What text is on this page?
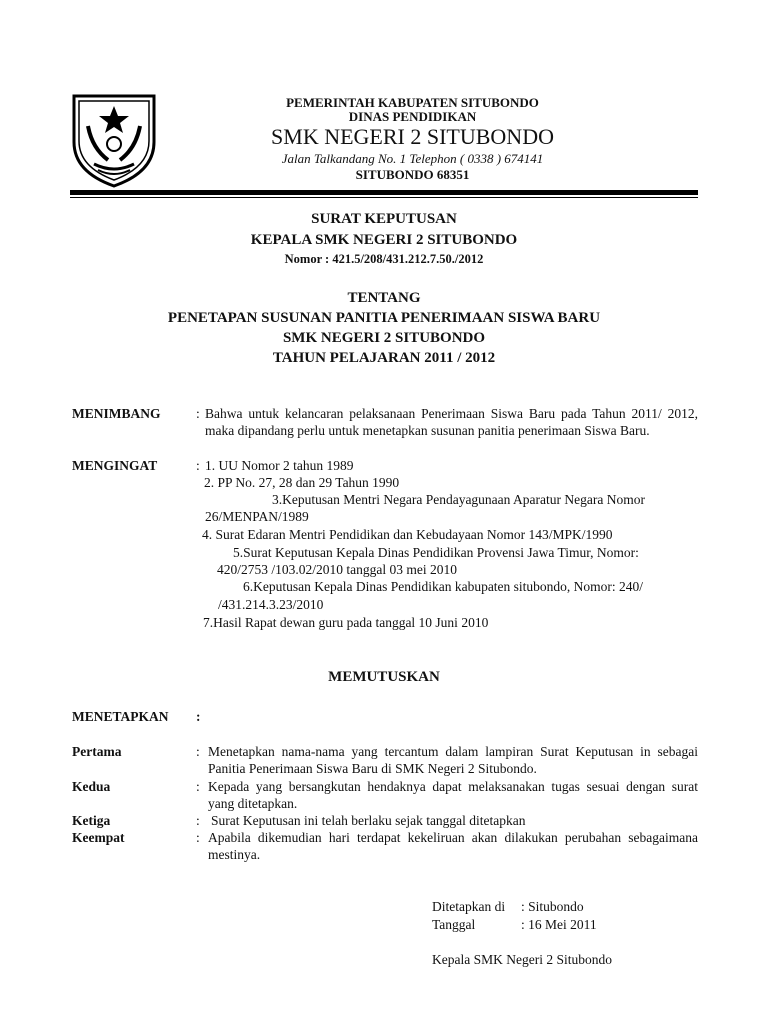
PEMERINTAH KABUPATEN SITUBONDO
DINAS PENDIDIKAN
SMK NEGERI 2 SITUBONDO
Jalan Talkandang No. 1 Telephon ( 0338 ) 674141
SITUBONDO 68351
SURAT KEPUTUSAN
KEPALA SMK NEGERI 2 SITUBONDO
Nomor : 421.5/208/431.212.7.50./2012
TENTANG
PENETAPAN SUSUNAN PANITIA PENERIMAAN SISWA BARU
SMK NEGERI 2 SITUBONDO
TAHUN PELAJARAN 2011 / 2012
MENIMBANG	: Bahwa untuk kelancaran pelaksanaan Penerimaan Siswa Baru pada Tahun 2011/ 2012, maka dipandang perlu untuk menetapkan susunan panitia penerimaan Siswa Baru.
MENGINGAT	: 1. UU Nomor 2 tahun 1989
2. PP No. 27, 28 dan 29 Tahun 1990
3.Keputusan Mentri Negara Pendayagunaan Aparatur Negara Nomor
26/MENPAN/1989
4. Surat Edaran Mentri Pendidikan dan Kebudayaan Nomor 143/MPK/1990
5.Surat Keputusan Kepala Dinas Pendidikan Provensi Jawa Timur, Nomor:
420/2753 /103.02/2010 tanggal 03 mei 2010
6.Keputusan Kepala Dinas Pendidikan kabupaten situbondo, Nomor: 240/
/431.214.3.23/2010
7.Hasil Rapat dewan guru pada tanggal 10 Juni 2010
MEMUTUSKAN
MENETAPKAN :
Pertama	: Menetapkan nama-nama yang tercantum dalam lampiran Surat Keputusan in sebagai Panitia Penerimaan Siswa Baru di SMK Negeri 2 Situbondo.
Kedua	: Kepada yang bersangkutan hendaknya dapat melaksanakan tugas sesuai dengan surat yang ditetapkan.
Ketiga	: Surat Keputusan ini telah berlaku sejak tanggal ditetapkan
Keempat	: Apabila dikemudian hari terdapat kekeliruan akan dilakukan perubahan sebagaimana mestinya.
Ditetapkan di : Situbondo
Tanggal	: 16 Mei 2011
Kepala SMK Negeri 2 Situbondo
